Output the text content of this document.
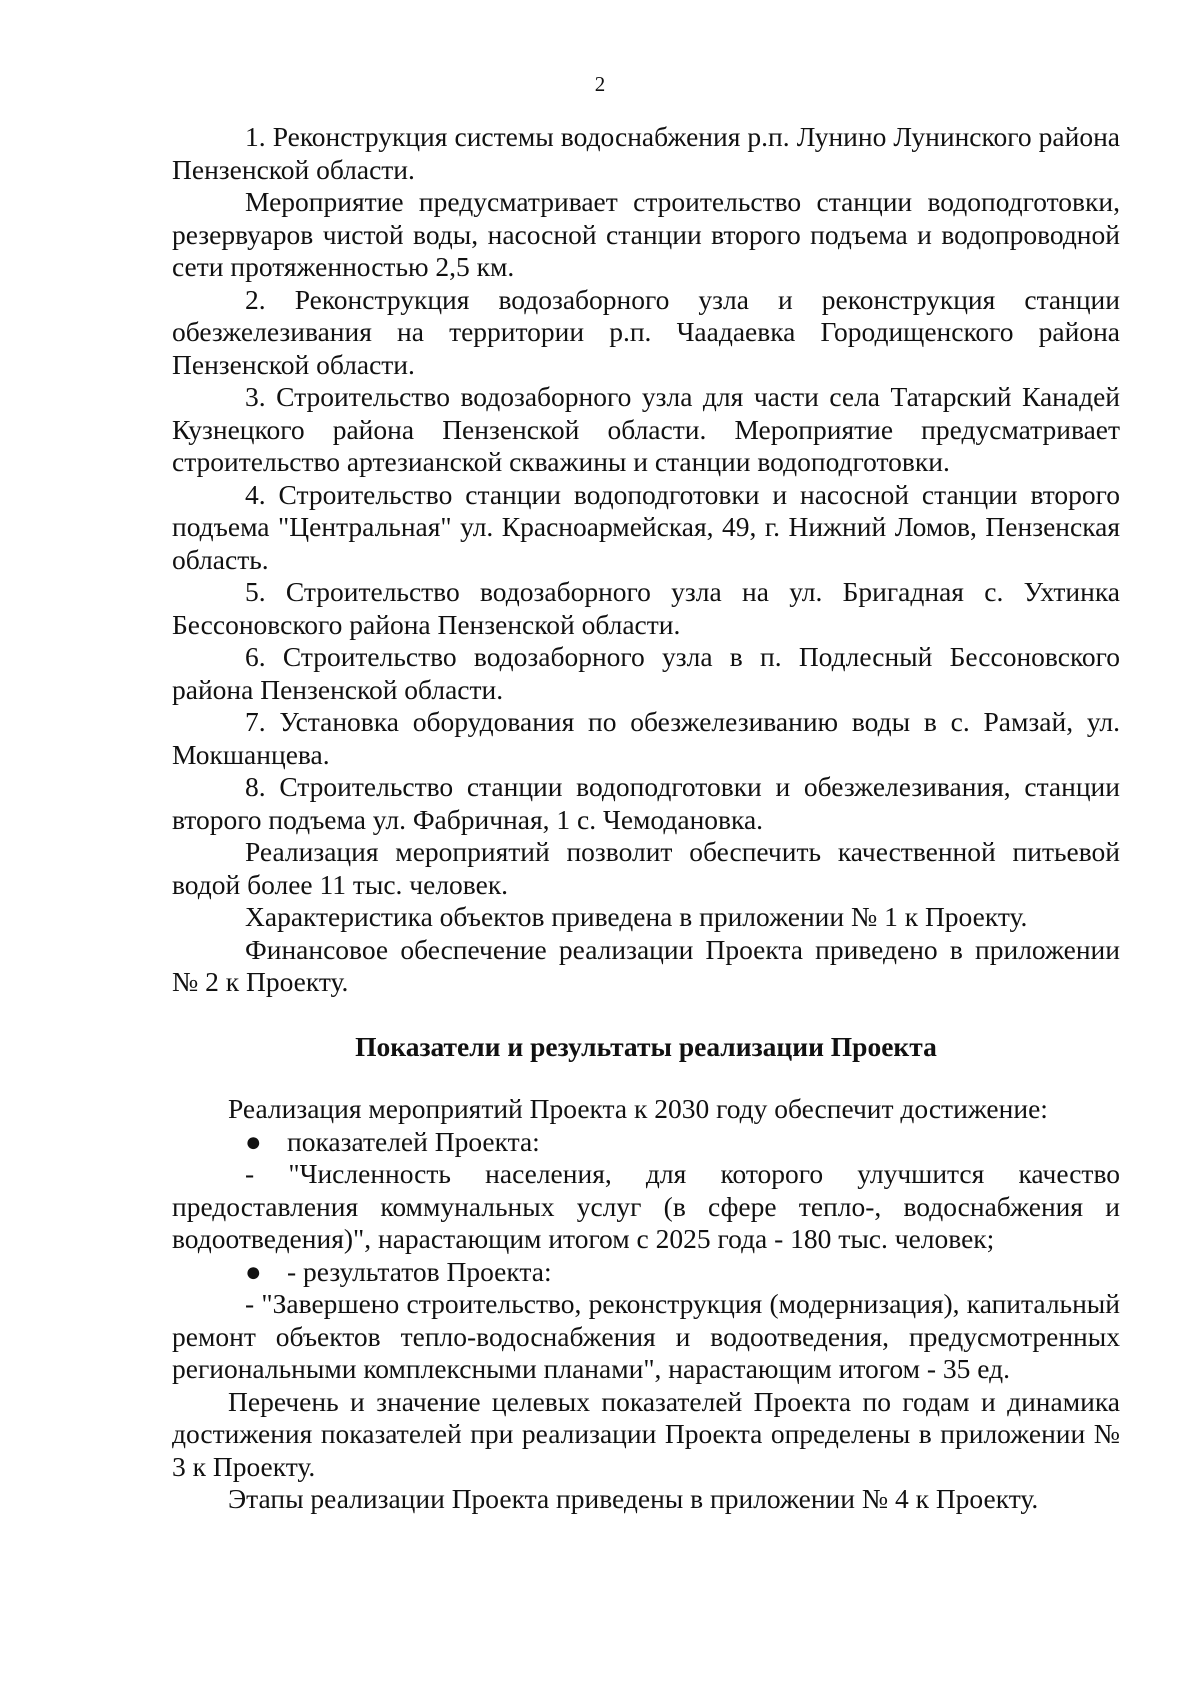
2

1. Реконструкция системы водоснабжения р.п. Лунино Лунинского района Пензенской области.

Мероприятие предусматривает строительство станции водоподготовки, резервуаров чистой воды, насосной станции второго подъема и водопроводной сети протяженностью 2,5 км.

2. Реконструкция водозаборного узла и реконструкция станции обезжелезивания на территории р.п. Чаадаевка Городищенского района Пензенской области.

3. Строительство водозаборного узла для части села Татарский Канадей Кузнецкого района Пензенской области. Мероприятие предусматривает строительство артезианской скважины и станции водоподготовки.

4. Строительство станции водоподготовки и насосной станции второго подъема "Центральная" ул. Красноармейская, 49, г. Нижний Ломов, Пензенская область.

5. Строительство водозаборного узла на ул. Бригадная с. Ухтинка Бессоновского района Пензенской области.

6. Строительство водозаборного узла в п. Подлесный Бессоновского района Пензенской области.

7. Установка оборудования по обезжелезиванию воды в с. Рамзай, ул. Мокшанцева.

8. Строительство станции водоподготовки и обезжелезивания, станции второго подъема ул. Фабричная, 1 с. Чемодановка.

Реализация мероприятий позволит обеспечить качественной питьевой водой более 11 тыс. человек.

Характеристика объектов приведена в приложении № 1 к Проекту.

Финансовое обеспечение реализации Проекта приведено в приложении № 2 к Проекту.

Показатели и результаты реализации Проекта

Реализация мероприятий Проекта к 2030 году обеспечит достижение:

● показателей Проекта:

- "Численность населения, для которого улучшится качество предоставления коммунальных услуг (в сфере тепло-, водоснабжения и водоотведения)", нарастающим итогом с 2025 года - 180 тыс. человек;

● - результатов Проекта:

- "Завершено строительство, реконструкция (модернизация), капитальный ремонт объектов тепло-водоснабжения и водоотведения, предусмотренных региональными комплексными планами", нарастающим итогом - 35 ед.

Перечень и значение целевых показателей Проекта по годам и динамика достижения показателей при реализации Проекта определены в приложении № 3 к Проекту.

Этапы реализации Проекта приведены в приложении № 4 к Проекту.
